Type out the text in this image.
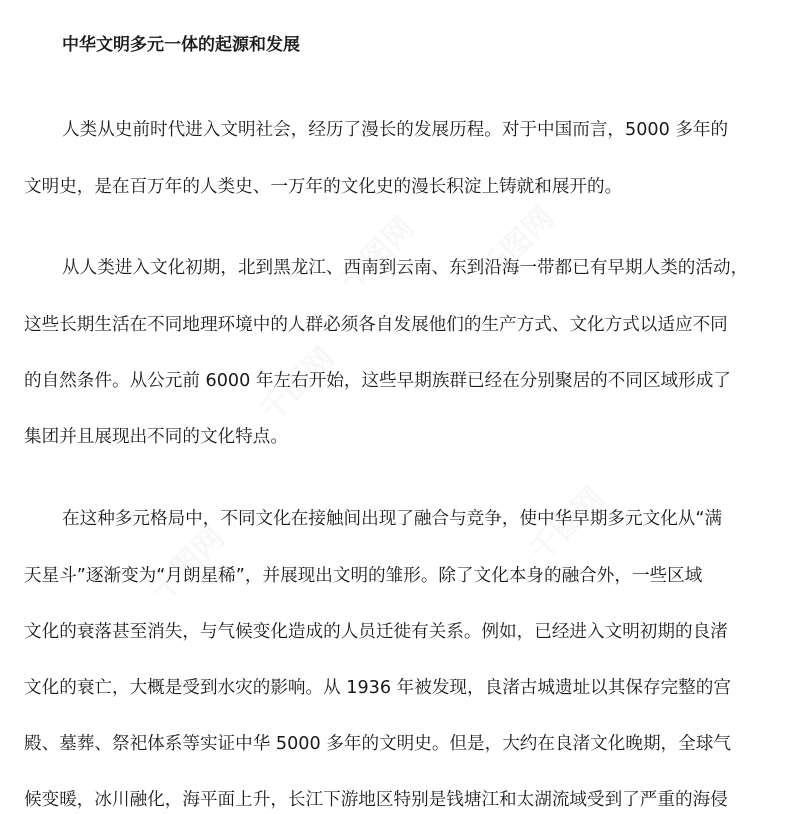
千图网 千图网
千图网
千图网	千图网
中华文明多元一体的起源和发展

人类从史前时代进入文明社会，经历了漫长的发展历程。对于中国而言，5000 多年的

文明史，是在百万年的人类史、一万年的文化史的漫长积淀上铸就和展开的。

从人类进入文化初期，北到黑龙江、西南到云南、东到沿海一带都已有早期人类的活动，

这些长期生活在不同地理环境中的人群必须各自发展他们的生产方式、文化方式以适应不同

的自然条件。从公元前 6000 年左右开始，这些早期族群已经在分别聚居的不同区域形成了

集团并且展现出不同的文化特点。

在这种多元格局中，不同文化在接触间出现了融合与竞争，使中华早期多元文化从“满

天星斗”逐渐变为“月朗星稀”，并展现出文明的雏形。除了文化本身的融合外，一些区域

文化的衰落甚至消失，与气候变化造成的人员迁徙有关系。例如，已经进入文明初期的良渚

文化的衰亡，大概是受到水灾的影响。从 1936 年被发现，良渚古城遗址以其保存完整的宫

殿、墓葬、祭祀体系等实证中华 5000 多年的文明史。但是，大约在良渚文化晚期，全球气

候变暖，冰川融化，海平面上升，长江下游地区特别是钱塘江和太湖流域受到了严重的海侵
